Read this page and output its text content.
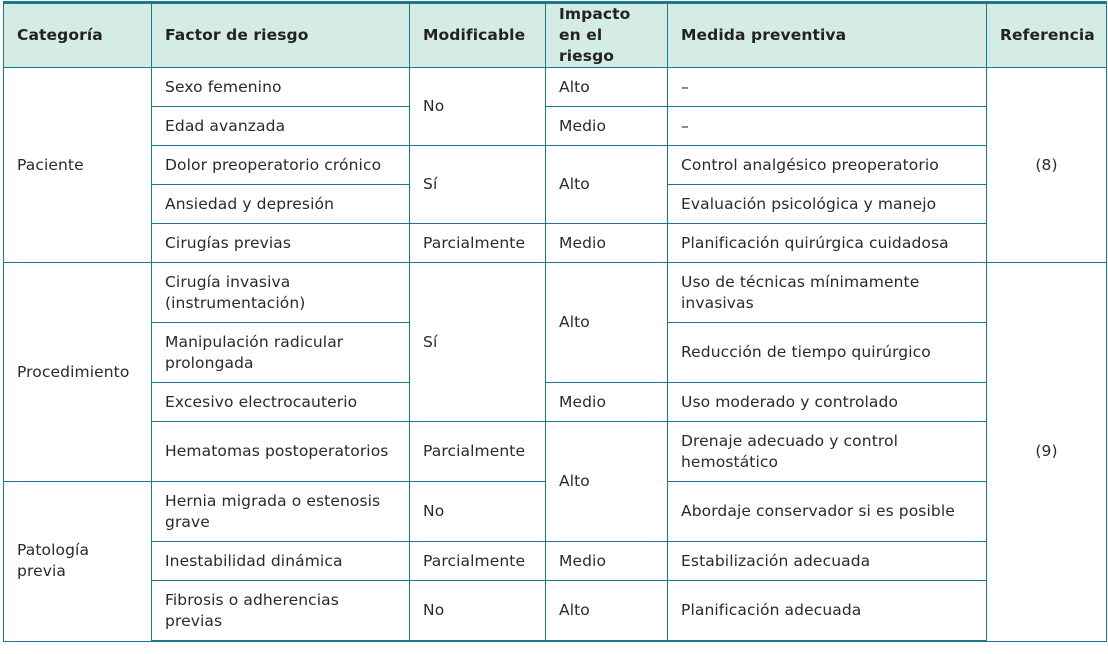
Categoría	Factor de riesgo	Modificable	Impacto en el riesgo	Medida preventiva	Referencia
Paciente	Sexo femenino	No	Alto	–	(8)
	Edad avanzada		Medio	–	
	Dolor preoperatorio crónico	Sí	Alto	Control analgésico preoperatorio	
	Ansiedad y depresión			Evaluación psicológica y manejo	
	Cirugías previas	Parcialmente	Medio	Planificación quirúrgica cuidadosa	
Procedimiento	Cirugía invasiva (instrumentación)	Sí	Alto	Uso de técnicas mínimamente invasivas	(9)
	Manipulación radicular prolongada			Reducción de tiempo quirúrgico	
	Excesivo electrocauterio		Medio	Uso moderado y controlado	
	Hematomas postoperatorios	Parcialmente	Alto	Drenaje adecuado y control hemostático	
Patología previa	Hernia migrada o estenosis grave	No		Abordaje conservador si es posible	
	Inestabilidad dinámica	Parcialmente	Medio	Estabilización adecuada	
	Fibrosis o adherencias previas	No	Alto	Planificación adecuada	
